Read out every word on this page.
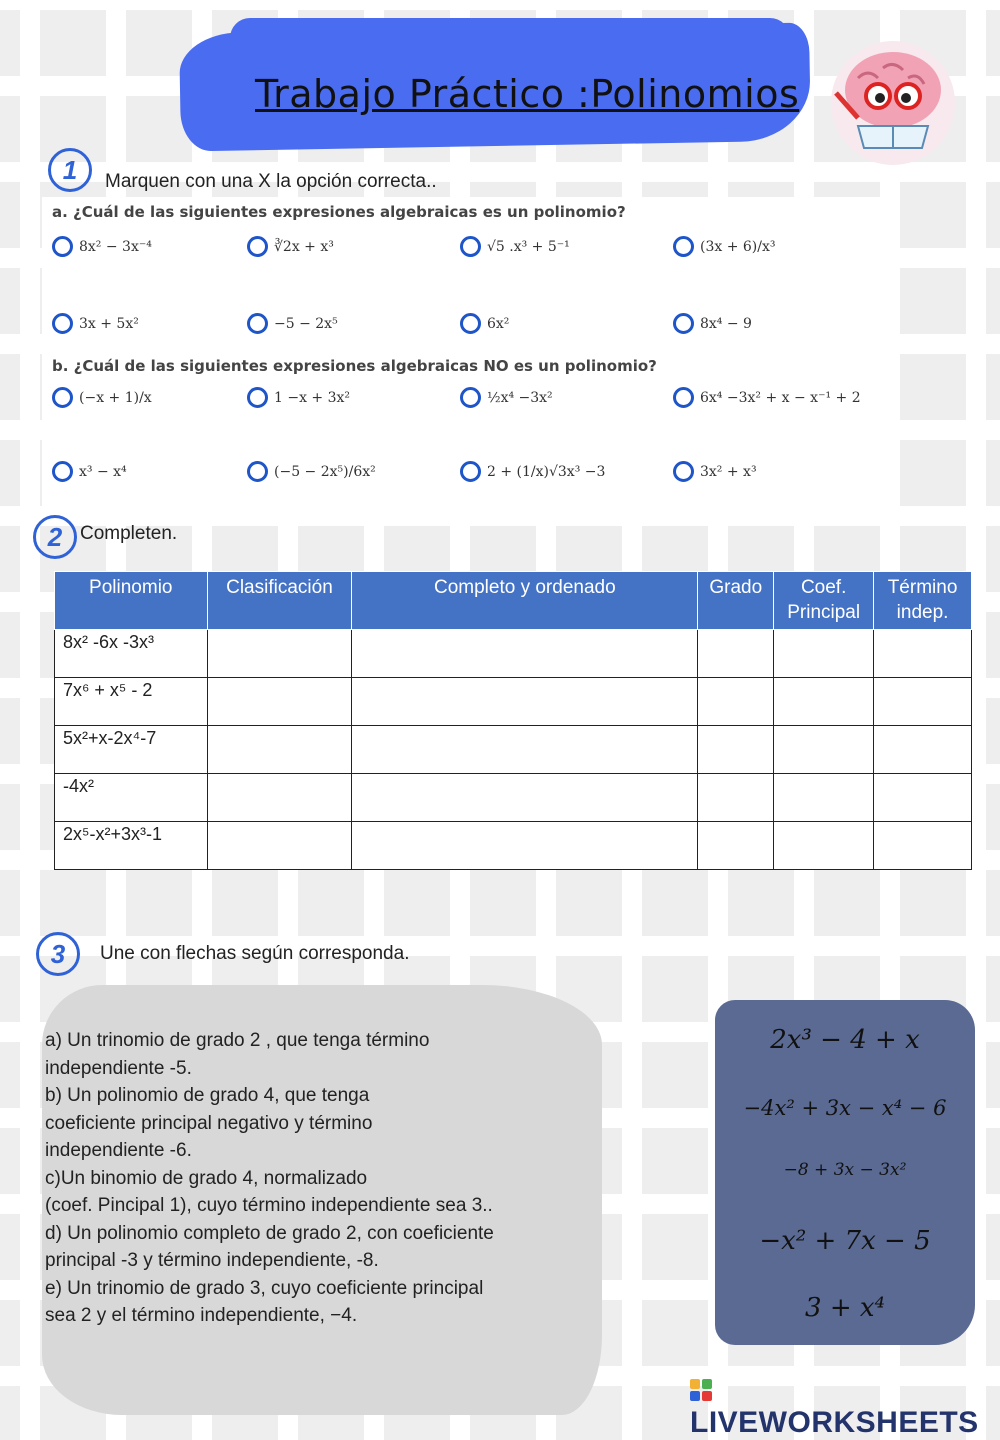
Trabajo Práctico :Polinomios
1	Marquen con una X la opción correcta..
a. ¿Cuál de las siguientes expresiones algebraicas es un polinomio?
8x² − 3x⁻⁴	∛2x + x³	√5 .x³ + 5⁻¹	(3x + 6)/x³
3x + 5x²	−5 − 2x⁵	6x²	8x⁴ − 9
b. ¿Cuál de las siguientes expresiones algebraicas NO es un polinomio?
(−x + 1)/x	1 −x + 3x²	½x⁴ −3x²	6x⁴ −3x² + x − x⁻¹ + 2
x³ − x⁴	(−5 − 2x⁵)/6x²	2 + (1/x)√3x³ −3	3x² + x³
2 Completen.
Polinomio	Clasificación	Completo y ordenado	Grado	Coef. Principal	Término indep.
8x² -6x -3x³					
7x⁶ + x⁵ - 2					
5x²+x-2x⁴-7					
-4x²					
2x⁵-x²+3x³-1					
3	Une con flechas según corresponda.
a) Un trinomio de grado 2 , que tenga término
independiente -5.
b) Un polinomio de grado 4, que tenga
coeficiente principal negativo y término
independiente -6.
c)Un binomio de grado 4, normalizado
(coef. Pincipal 1), cuyo término independiente sea 3..
d) Un polinomio completo de grado 2, con coeficiente
principal -3 y término independiente, -8.
e) Un trinomio de grado 3, cuyo coeficiente principal
sea 2 y el término independiente, −4.
2x³ − 4 + x
−4x² + 3x − x⁴ − 6
−8 + 3x − 3x²
−x² + 7x − 5
3 + x⁴
LIVEWORKSHEETS
